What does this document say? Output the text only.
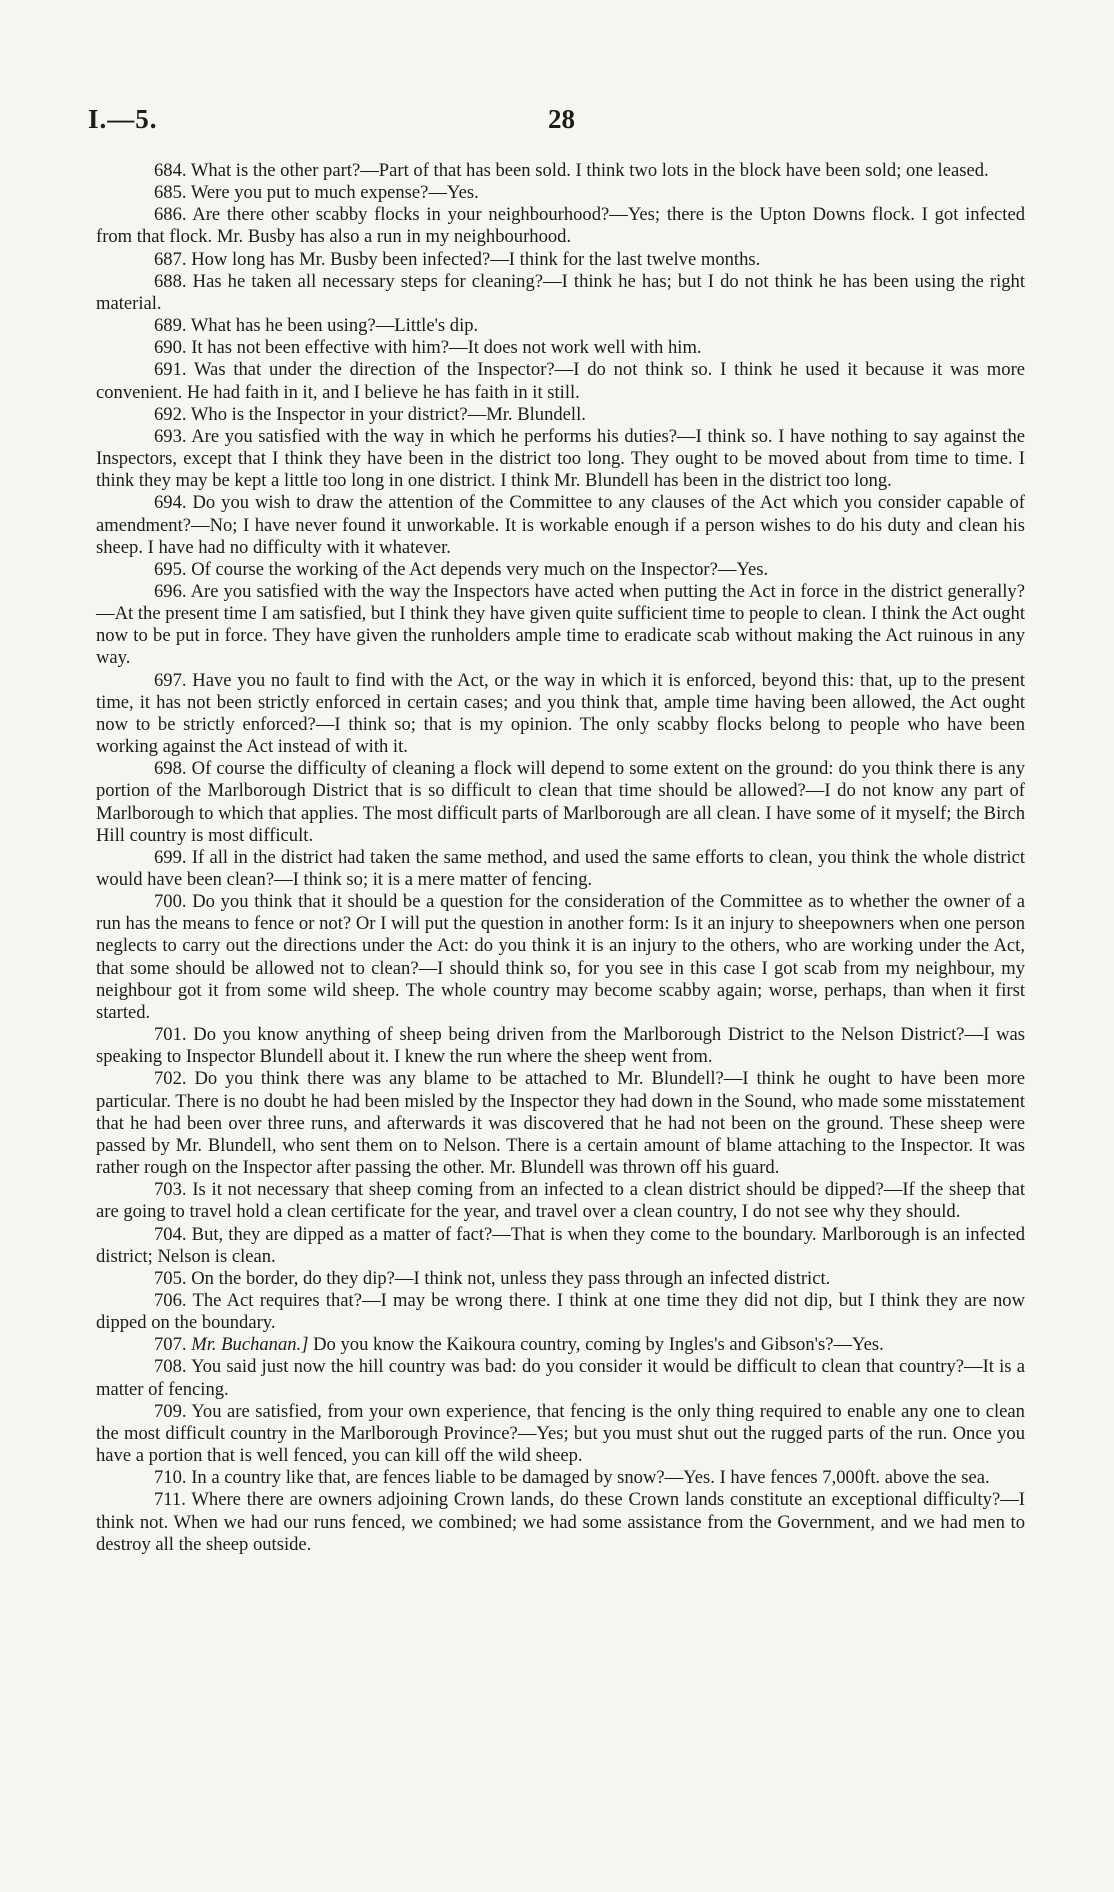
I.—5.	28

684. What is the other part?—Part of that has been sold. I think two lots in the block have been sold; one leased.

685. Were you put to much expense?—Yes.

686. Are there other scabby flocks in your neighbourhood?—Yes; there is the Upton Downs flock. I got infected from that flock. Mr. Busby has also a run in my neighbourhood.

687. How long has Mr. Busby been infected?—I think for the last twelve months.

688. Has he taken all necessary steps for cleaning?—I think he has; but I do not think he has been using the right material.

689. What has he been using?—Little's dip.

690. It has not been effective with him?—It does not work well with him.

691. Was that under the direction of the Inspector?—I do not think so. I think he used it because it was more convenient. He had faith in it, and I believe he has faith in it still.

692. Who is the Inspector in your district?—Mr. Blundell.

693. Are you satisfied with the way in which he performs his duties?—I think so. I have nothing to say against the Inspectors, except that I think they have been in the district too long. They ought to be moved about from time to time. I think they may be kept a little too long in one district. I think Mr. Blundell has been in the district too long.

694. Do you wish to draw the attention of the Committee to any clauses of the Act which you consider capable of amendment?—No; I have never found it unworkable. It is workable enough if a person wishes to do his duty and clean his sheep. I have had no difficulty with it whatever.

695. Of course the working of the Act depends very much on the Inspector?—Yes.

696. Are you satisfied with the way the Inspectors have acted when putting the Act in force in the district generally?—At the present time I am satisfied, but I think they have given quite sufficient time to people to clean. I think the Act ought now to be put in force. They have given the runholders ample time to eradicate scab without making the Act ruinous in any way.

697. Have you no fault to find with the Act, or the way in which it is enforced, beyond this: that, up to the present time, it has not been strictly enforced in certain cases; and you think that, ample time having been allowed, the Act ought now to be strictly enforced?—I think so; that is my opinion. The only scabby flocks belong to people who have been working against the Act instead of with it.

698. Of course the difficulty of cleaning a flock will depend to some extent on the ground: do you think there is any portion of the Marlborough District that is so difficult to clean that time should be allowed?—I do not know any part of Marlborough to which that applies. The most difficult parts of Marlborough are all clean. I have some of it myself; the Birch Hill country is most difficult.

699. If all in the district had taken the same method, and used the same efforts to clean, you think the whole district would have been clean?—I think so; it is a mere matter of fencing.

700. Do you think that it should be a question for the consideration of the Committee as to whether the owner of a run has the means to fence or not? Or I will put the question in another form: Is it an injury to sheepowners when one person neglects to carry out the directions under the Act: do you think it is an injury to the others, who are working under the Act, that some should be allowed not to clean?—I should think so, for you see in this case I got scab from my neighbour, my neighbour got it from some wild sheep. The whole country may become scabby again; worse, perhaps, than when it first started.

701. Do you know anything of sheep being driven from the Marlborough District to the Nelson District?—I was speaking to Inspector Blundell about it. I knew the run where the sheep went from.

702. Do you think there was any blame to be attached to Mr. Blundell?—I think he ought to have been more particular. There is no doubt he had been misled by the Inspector they had down in the Sound, who made some misstatement that he had been over three runs, and afterwards it was discovered that he had not been on the ground. These sheep were passed by Mr. Blundell, who sent them on to Nelson. There is a certain amount of blame attaching to the Inspector. It was rather rough on the Inspector after passing the other. Mr. Blundell was thrown off his guard.

703. Is it not necessary that sheep coming from an infected to a clean district should be dipped?—If the sheep that are going to travel hold a clean certificate for the year, and travel over a clean country, I do not see why they should.

704. But, they are dipped as a matter of fact?—That is when they come to the boundary. Marlborough is an infected district; Nelson is clean.

705. On the border, do they dip?—I think not, unless they pass through an infected district.

706. The Act requires that?—I may be wrong there. I think at one time they did not dip, but I think they are now dipped on the boundary.

707. Mr. Buchanan.] Do you know the Kaikoura country, coming by Ingles's and Gibson's?—Yes.

708. You said just now the hill country was bad: do you consider it would be difficult to clean that country?—It is a matter of fencing.

709. You are satisfied, from your own experience, that fencing is the only thing required to enable any one to clean the most difficult country in the Marlborough Province?—Yes; but you must shut out the rugged parts of the run. Once you have a portion that is well fenced, you can kill off the wild sheep.

710. In a country like that, are fences liable to be damaged by snow?—Yes. I have fences 7,000ft. above the sea.

711. Where there are owners adjoining Crown lands, do these Crown lands constitute an exceptional difficulty?—I think not. When we had our runs fenced, we combined; we had some assistance from the Government, and we had men to destroy all the sheep outside.
